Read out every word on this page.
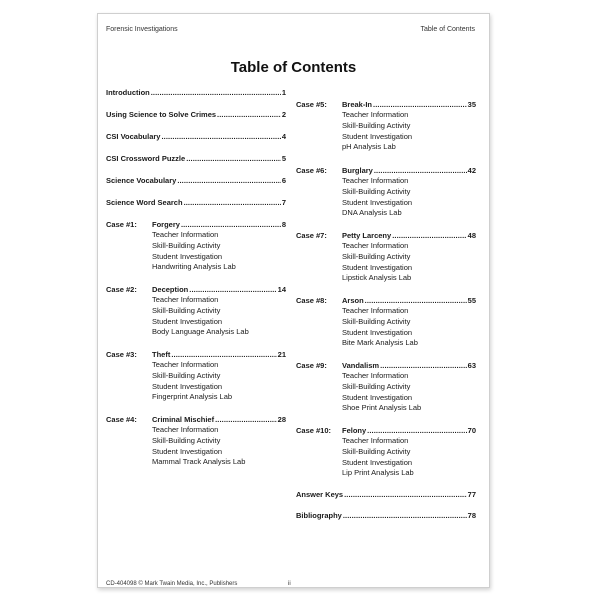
Forensic Investigations	Table of Contents
Table of Contents
Introduction .....	1
Using Science to Solve Crimes .....	2
CSI Vocabulary .....	4
CSI Crossword Puzzle .....	5
Science Vocabulary .....	6
Science Word Search .....	7
Case #1: Forgery .....	8
Teacher Information
Skill-Building Activity
Student Investigation
Handwriting Analysis Lab
Case #2: Deception .....	14
Teacher Information
Skill-Building Activity
Student Investigation
Body Language Analysis Lab
Case #3: Theft .....	21
Teacher Information
Skill-Building Activity
Student Investigation
Fingerprint Analysis Lab
Case #4: Criminal Mischief .....	28
Teacher Information
Skill-Building Activity
Student Investigation
Mammal Track Analysis Lab
Case #5: Break-In .....	35
Teacher Information
Skill-Building Activity
Student Investigation
pH Analysis Lab
Case #6: Burglary .....	42
Teacher Information
Skill-Building Activity
Student Investigation
DNA Analysis Lab
Case #7: Petty Larceny .....	48
Teacher Information
Skill-Building Activity
Student Investigation
Lipstick Analysis Lab
Case #8: Arson .....	55
Teacher Information
Skill-Building Activity
Student Investigation
Bite Mark Analysis Lab
Case #9: Vandalism .....	63
Teacher Information
Skill-Building Activity
Student Investigation
Shoe Print Analysis Lab
Case #10: Felony .....	70
Teacher Information
Skill-Building Activity
Student Investigation
Lip Print Analysis Lab
Answer Keys .....	77
Bibliography .....	78
CD-404098 © Mark Twain Media, Inc., Publishers	ii
